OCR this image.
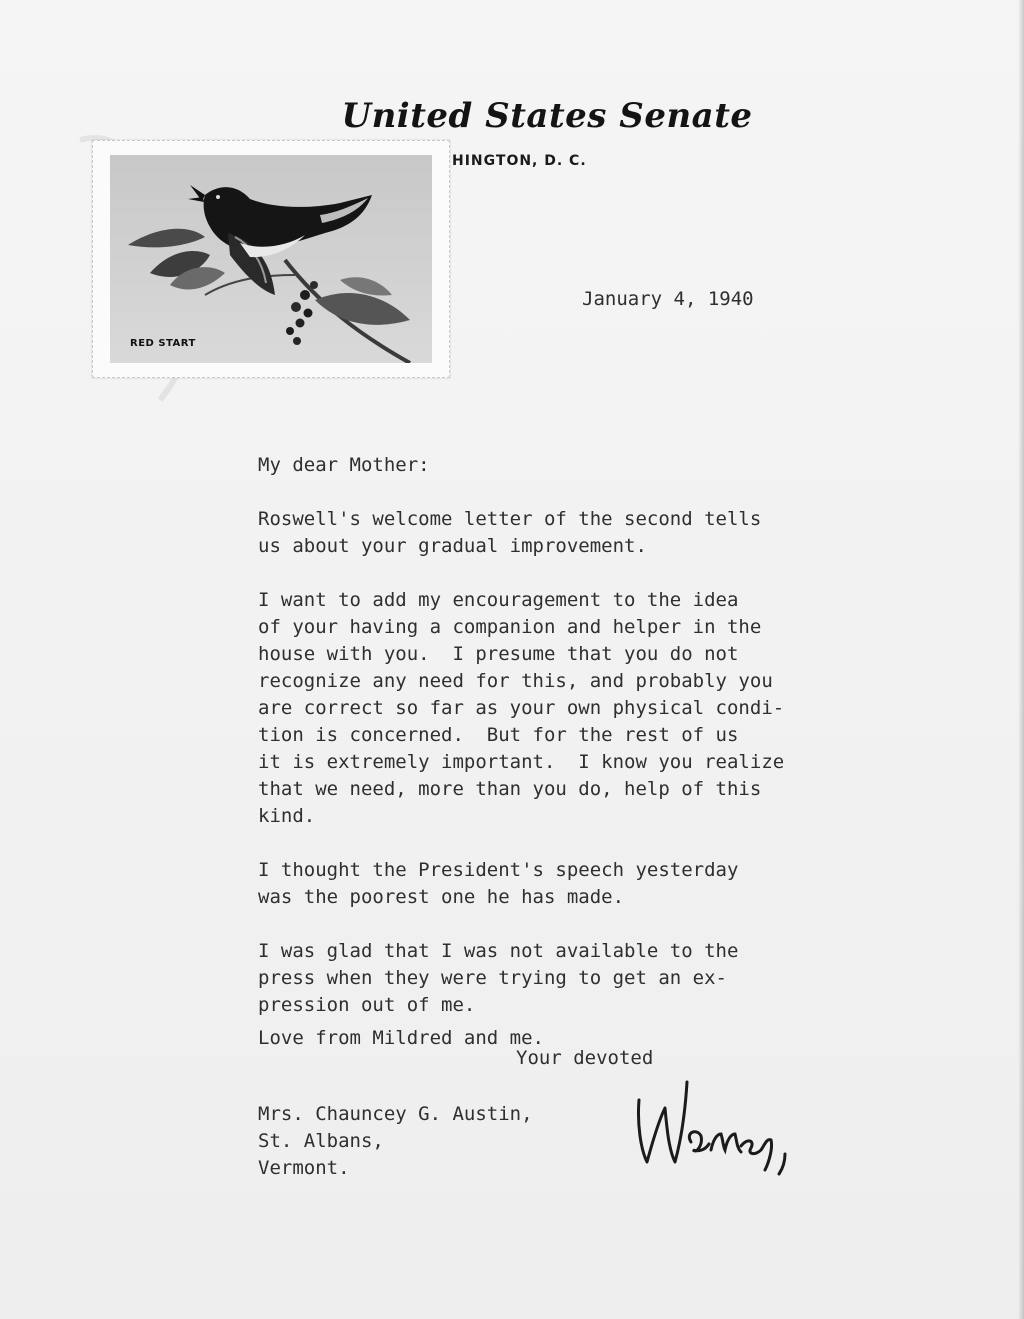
United States Senate
RED START
HINGTON, D. C.
January 4, 1940
My dear Mother:
Roswell's welcome letter of the second tells
us about your gradual improvement.
I want to add my encouragement to the idea
of your having a companion and helper in the
house with you.  I presume that you do not
recognize any need for this, and probably you
are correct so far as your own physical condi-
tion is concerned.  But for the rest of us
it is extremely important.  I know you realize
that we need, more than you do, help of this
kind.
I thought the President's speech yesterday
was the poorest one he has made.
I was glad that I was not available to the
press when they were trying to get an ex-
pression out of me.
Love from Mildred and me.
Your devoted
Mrs. Chauncey G. Austin,
St. Albans,
Vermont.
